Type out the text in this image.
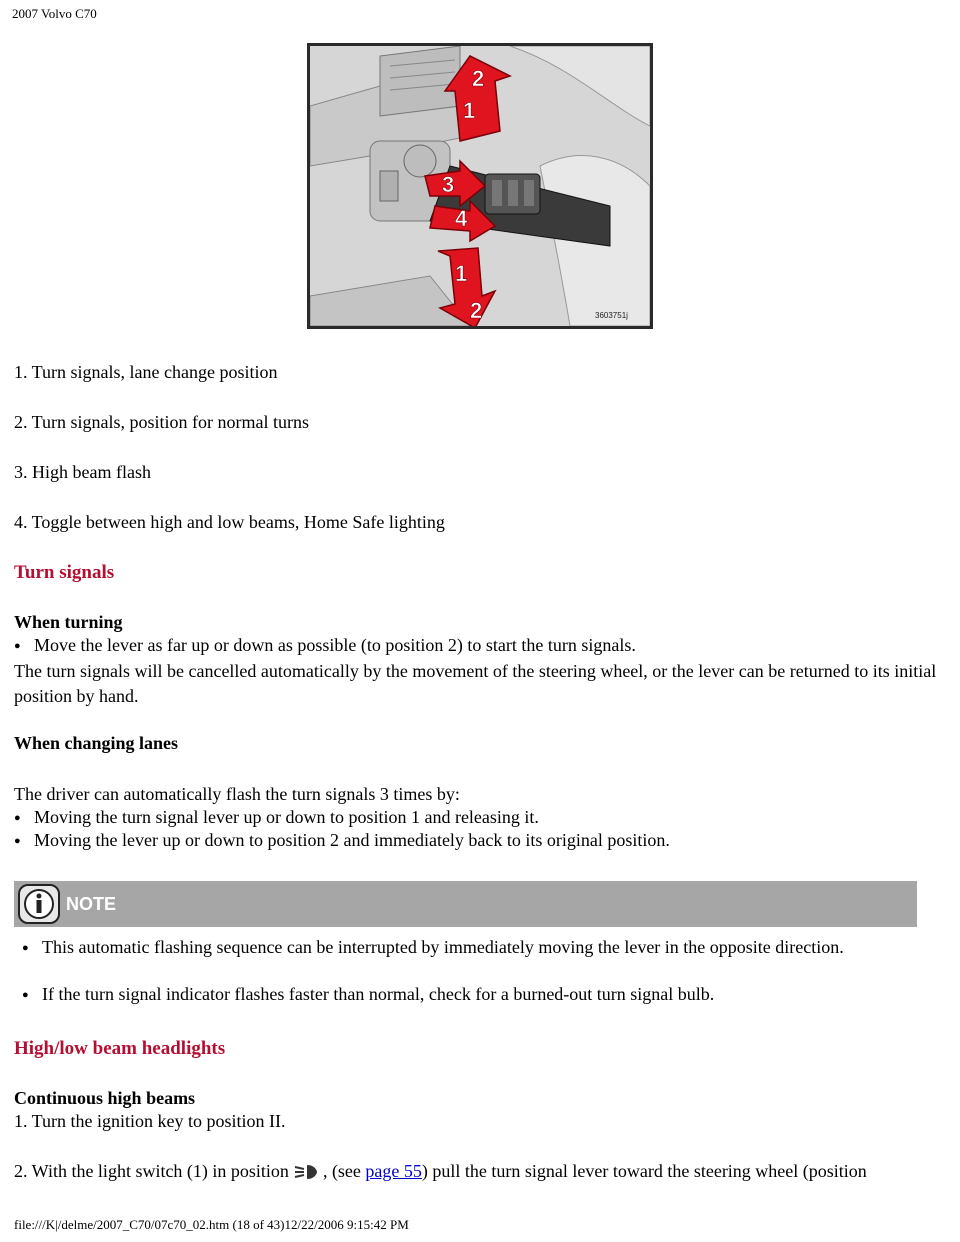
2007 Volvo C70
2
1
3
4
1
2	3603751j
1. Turn signals, lane change position
2. Turn signals, position for normal turns
3. High beam flash
4. Toggle between high and low beams, Home Safe lighting
Turn signals
When turning
● Move the lever as far up or down as possible (to position 2) to start the turn signals.
The turn signals will be cancelled automatically by the movement of the steering wheel, or the lever can be returned to its initial position by hand.
When changing lanes
The driver can automatically flash the turn signals 3 times by:
● Moving the turn signal lever up or down to position 1 and releasing it.
● Moving the lever up or down to position 2 and immediately back to its original position.
NOTE
● This automatic flashing sequence can be interrupted by immediately moving the lever in the opposite direction.
● If the turn signal indicator flashes faster than normal, check for a burned-out turn signal bulb.
High/low beam headlights
Continuous high beams
1. Turn the ignition key to position II.
2. With the light switch (1) in position , (see page 55) pull the turn signal lever toward the steering wheel (position
file:///K|/delme/2007_C70/07c70_02.htm (18 of 43)12/22/2006 9:15:42 PM
